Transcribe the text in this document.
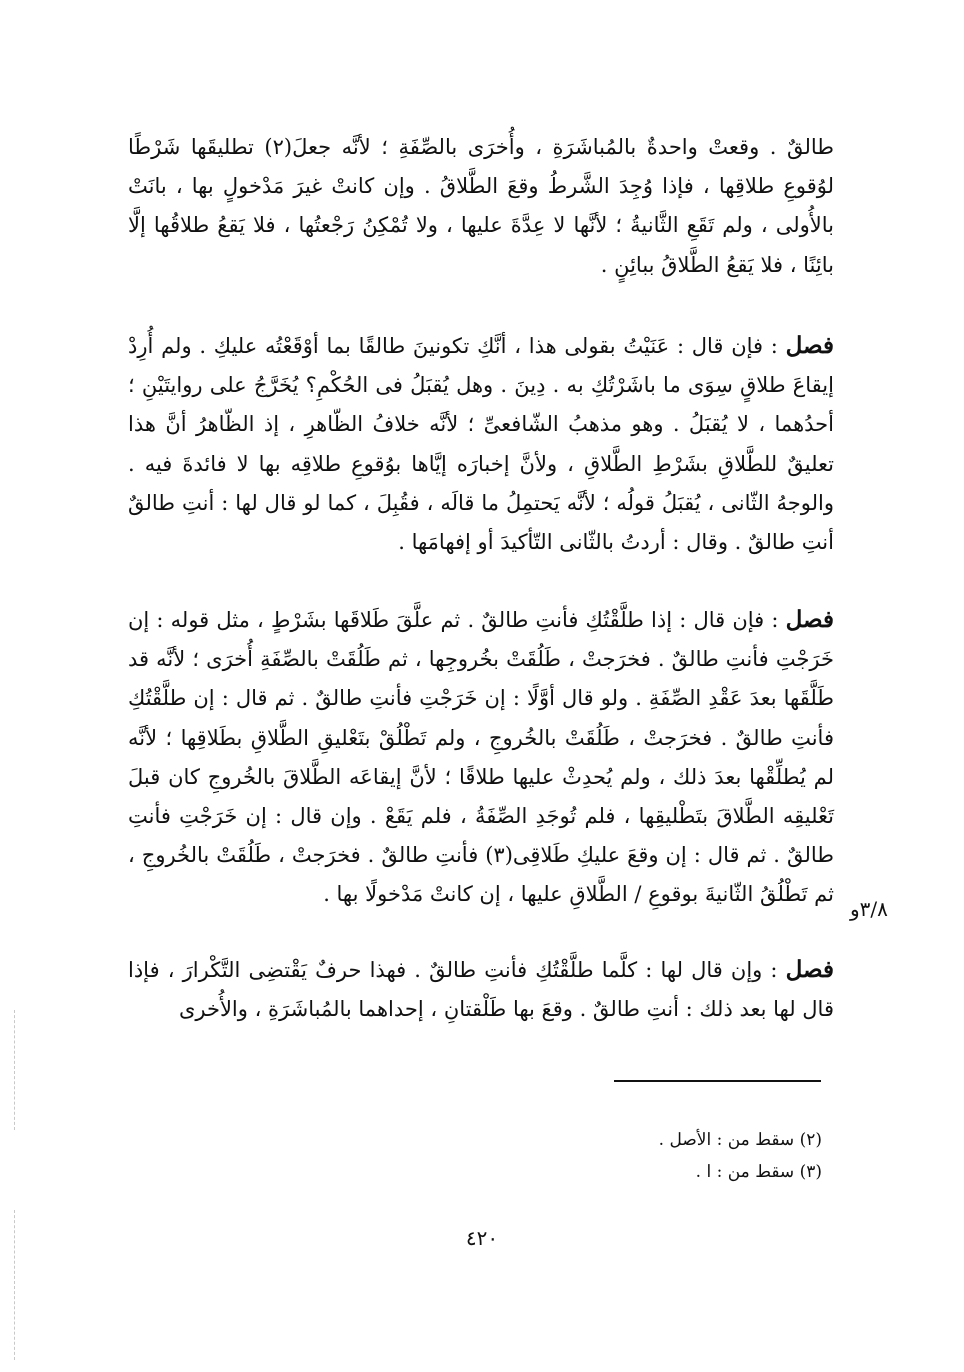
طالقٌ . وقعتْ واحدةٌ بالمُباشَرَةِ ، وأُخرَى بالصِّفَةِ ؛ لأنَّه جعلَ(٢) تطليقَها شَرْطًا لوُقوعِ طلاقِها ، فإذا وُجِدَ الشَّرطُ وقعَ الطَّلاقُ . وإن كانتْ غيرَ مَدْخولٍ بها ، بانَتْ بالأُولى ، ولم تَقَعِ الثَّانيةُ ؛ لأنَّها لا عِدَّةَ عليها ، ولا تُمْكِنُ رَجْعتُها ، فلا يَقعُ طلاقُها إلَّا بائِنًا ، فلا يَقعُ الطَّلاقُ ببائِنٍ .

فصل : فإن قال : عَنَيْتُ بقولى هذا ، أنَّكِ تكونينَ طالقًا بما أوْقَعْتُه عليكِ . ولم أُرِدْ إيقاعَ طلاقٍ سِوَى ما باشَرْتُكِ به . دِينَ . وهل يُقبَلُ فى الحُكْمِ؟ يُخَرَّجُ على روايتَيْنِ ؛ أحدُهما ، لا يُقبَلُ . وهو مذهبُ الشّافعىِّ ؛ لأنَّه خلافُ الظّاهرِ ، إذ الظّاهرُ أنَّ هذا تعليقٌ للطَّلاقِ بشَرْطِ الطَّلاقِ ، ولأنَّ إخبارَه إيَّاها بوُقوعِ طلاقِه بها لا فائدةَ فيه . والوجهُ الثّانى ، يُقبَلُ قولُه ؛ لأنَّه يَحتمِلُ ما قالَه ، فقُبِلَ ، كما لو قال لها : أنتِ طالقٌ أنتِ طالقٌ . وقال : أردتُ بالثّانى التّأكيدَ أو إفهامَها .

فصل : فإن قال : إذا طلَّقْتُكِ فأنتِ طالقٌ . ثم علَّقَ طَلاقَها بشَرْطٍ ، مثل قوله : إن خَرَجْتِ فأنتِ طالقٌ . فخرَجتْ ، طَلُقَتْ بخُروجِها ، ثم طَلُقَتْ بالصِّفَةِ أُخرَى ؛ لأنَّه قد طَلَّقَها بعدَ عَقْدِ الصِّفَةِ . ولو قال أوَّلًا : إن خَرَجْتِ فأنتِ طالقٌ . ثم قال : إن طلَّقْتُكِ فأنتِ طالقٌ . فخرَجتْ ، طَلُقَتْ بالخُروجِ ، ولم تَطْلُقْ بتَعْليقِ الطَّلاقِ بطَلاقِها ؛ لأنَّه لم يُطلِّقْها بعدَ ذلك ، ولم يُحدِثْ عليها طلاقًا ؛ لأنَّ إيقاعَه الطَّلاقَ بالخُروجِ كان قبلَ تَعْليقِه الطَّلاقَ بتَطْليقِها ، فلم تُوجَدِ الصِّفَةُ ، فلم يَقَعْ . وإن قال : إن خَرَجْتِ فأنتِ طالقٌ . ثم قال : إن وقعَ عليكِ طَلاقِى(٣) فأنتِ طالقٌ . فخرَجتْ ، طَلُقَتْ بالخُروجِ ، ثم تَطْلُقُ الثّانيةَ بوقوعِ / الطَّلاقِ عليها ، إن كانتْ مَدْخولًا بها .

فصل : وإن قال لها : كلَّما طلَّقْتُكِ فأنتِ طالقٌ . فهذا حرفٌ يَقْتضِى التَّكْرارَ ، فإذا قال لها بعد ذلك : أنتِ طالقٌ . وقعَ بها طَلْقتانِ ، إحداهما بالمُباشَرَةِ ، والأُخرى

٣/٨و
(٢) سقط من : الأصل .
(٣) سقط من : ا .
٤٢٠
